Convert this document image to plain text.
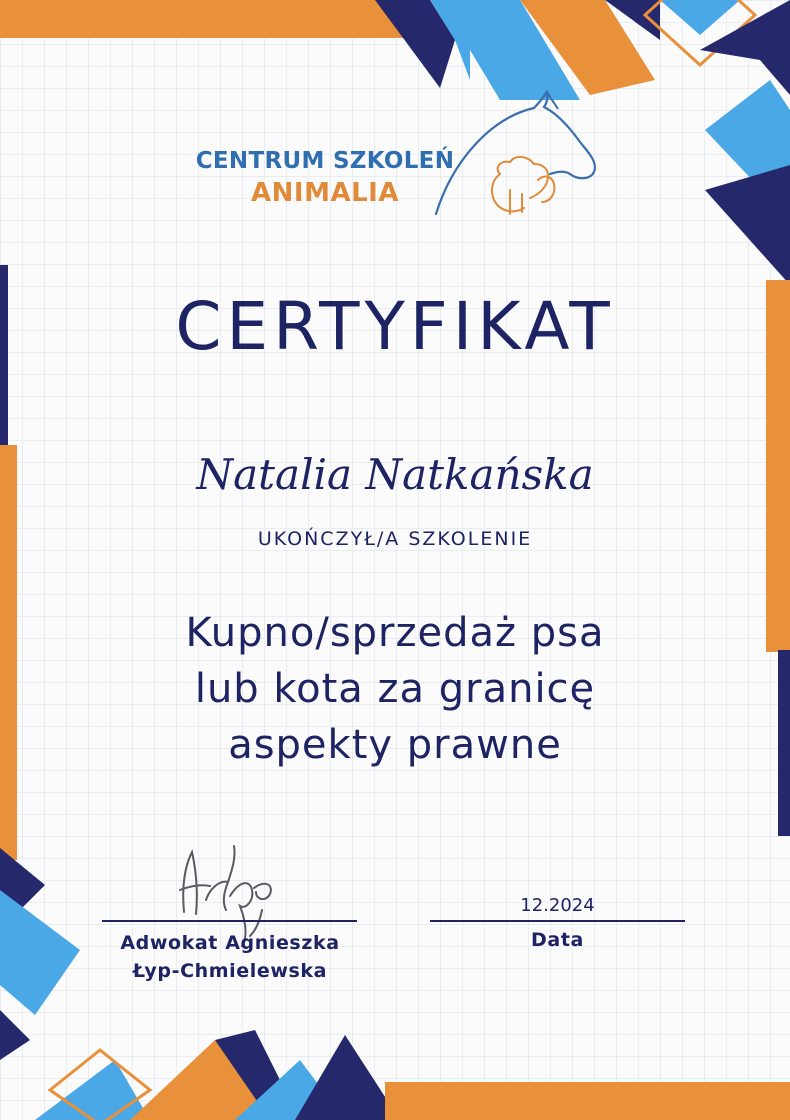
CENTRUM SZKOLEŃ
ANIMALIA
CERTYFIKAT
Natalia Natkańska
UKOŃCZYŁ/A SZKOLENIE
Kupno/sprzedaż psa
lub kota za granicę
aspekty prawne
Adwokat Agnieszka
Łyp-Chmielewska
12.2024
Data
